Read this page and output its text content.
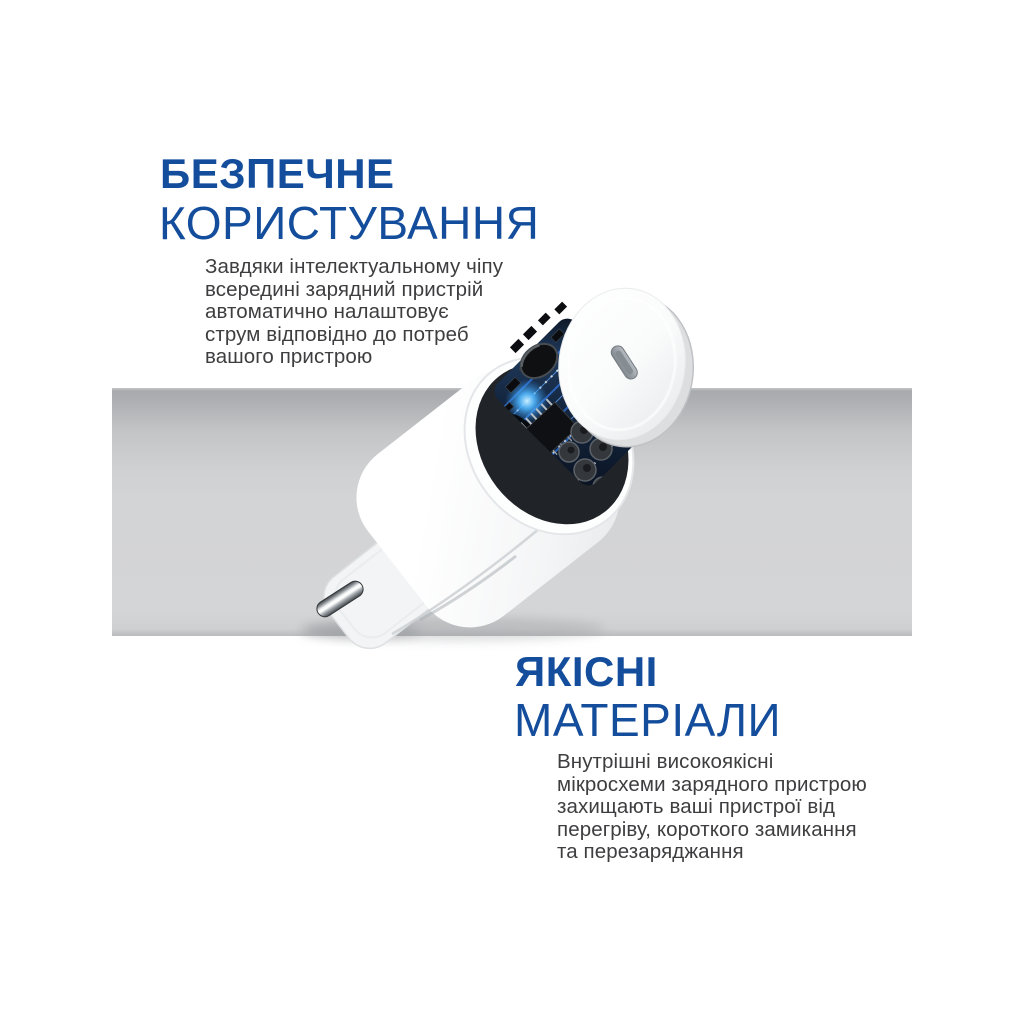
БЕЗПЕЧНЕ
КОРИСТУВАННЯ
Завдяки інтелектуальному чіпу
всередині зарядний пристрій
автоматично налаштовує
струм відповідно до потреб
вашого пристрою
ЯКІСНІ
МАТЕРІАЛИ
Внутрішні високоякісні
мікросхеми зарядного пристрою
захищають ваші пристрої від
перегріву, короткого замикання
та перезаряджання
